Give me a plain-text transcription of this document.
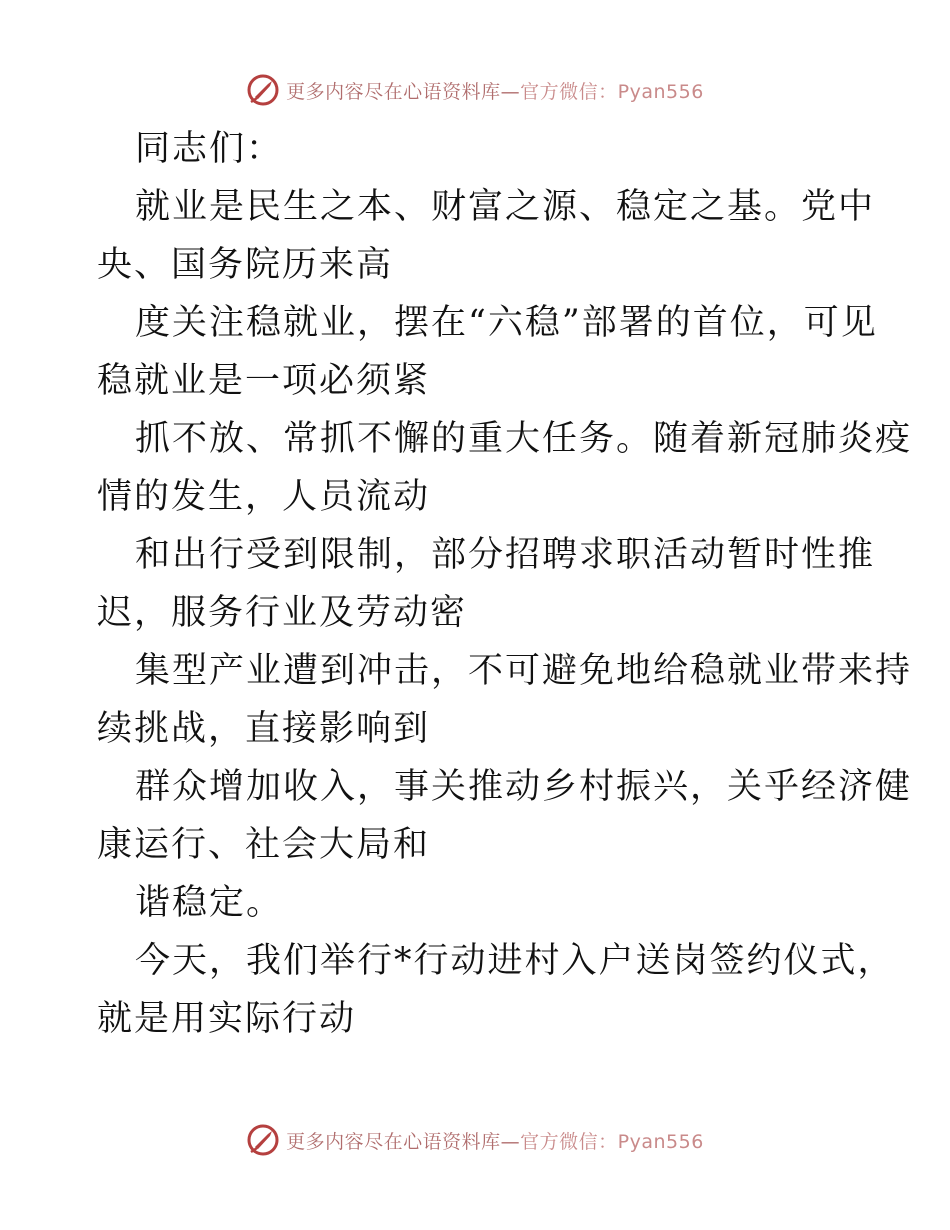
更多内容尽在心语资料库—官方微信：Pyan556
同志们：
就业是民生之本、财富之源、稳定之基。党中
央、国务院历来高
度关注稳就业，摆在“六稳”部署的首位，可见
稳就业是一项必须紧
抓不放、常抓不懈的重大任务。随着新冠肺炎疫
情的发生，人员流动
和出行受到限制，部分招聘求职活动暂时性推
迟，服务行业及劳动密
集型产业遭到冲击，不可避免地给稳就业带来持
续挑战，直接影响到
群众增加收入，事关推动乡村振兴，关乎经济健
康运行、社会大局和
谐稳定。
今天，我们举行*行动进村入户送岗签约仪式，
就是用实际行动
更多内容尽在心语资料库—官方微信：Pyan556
